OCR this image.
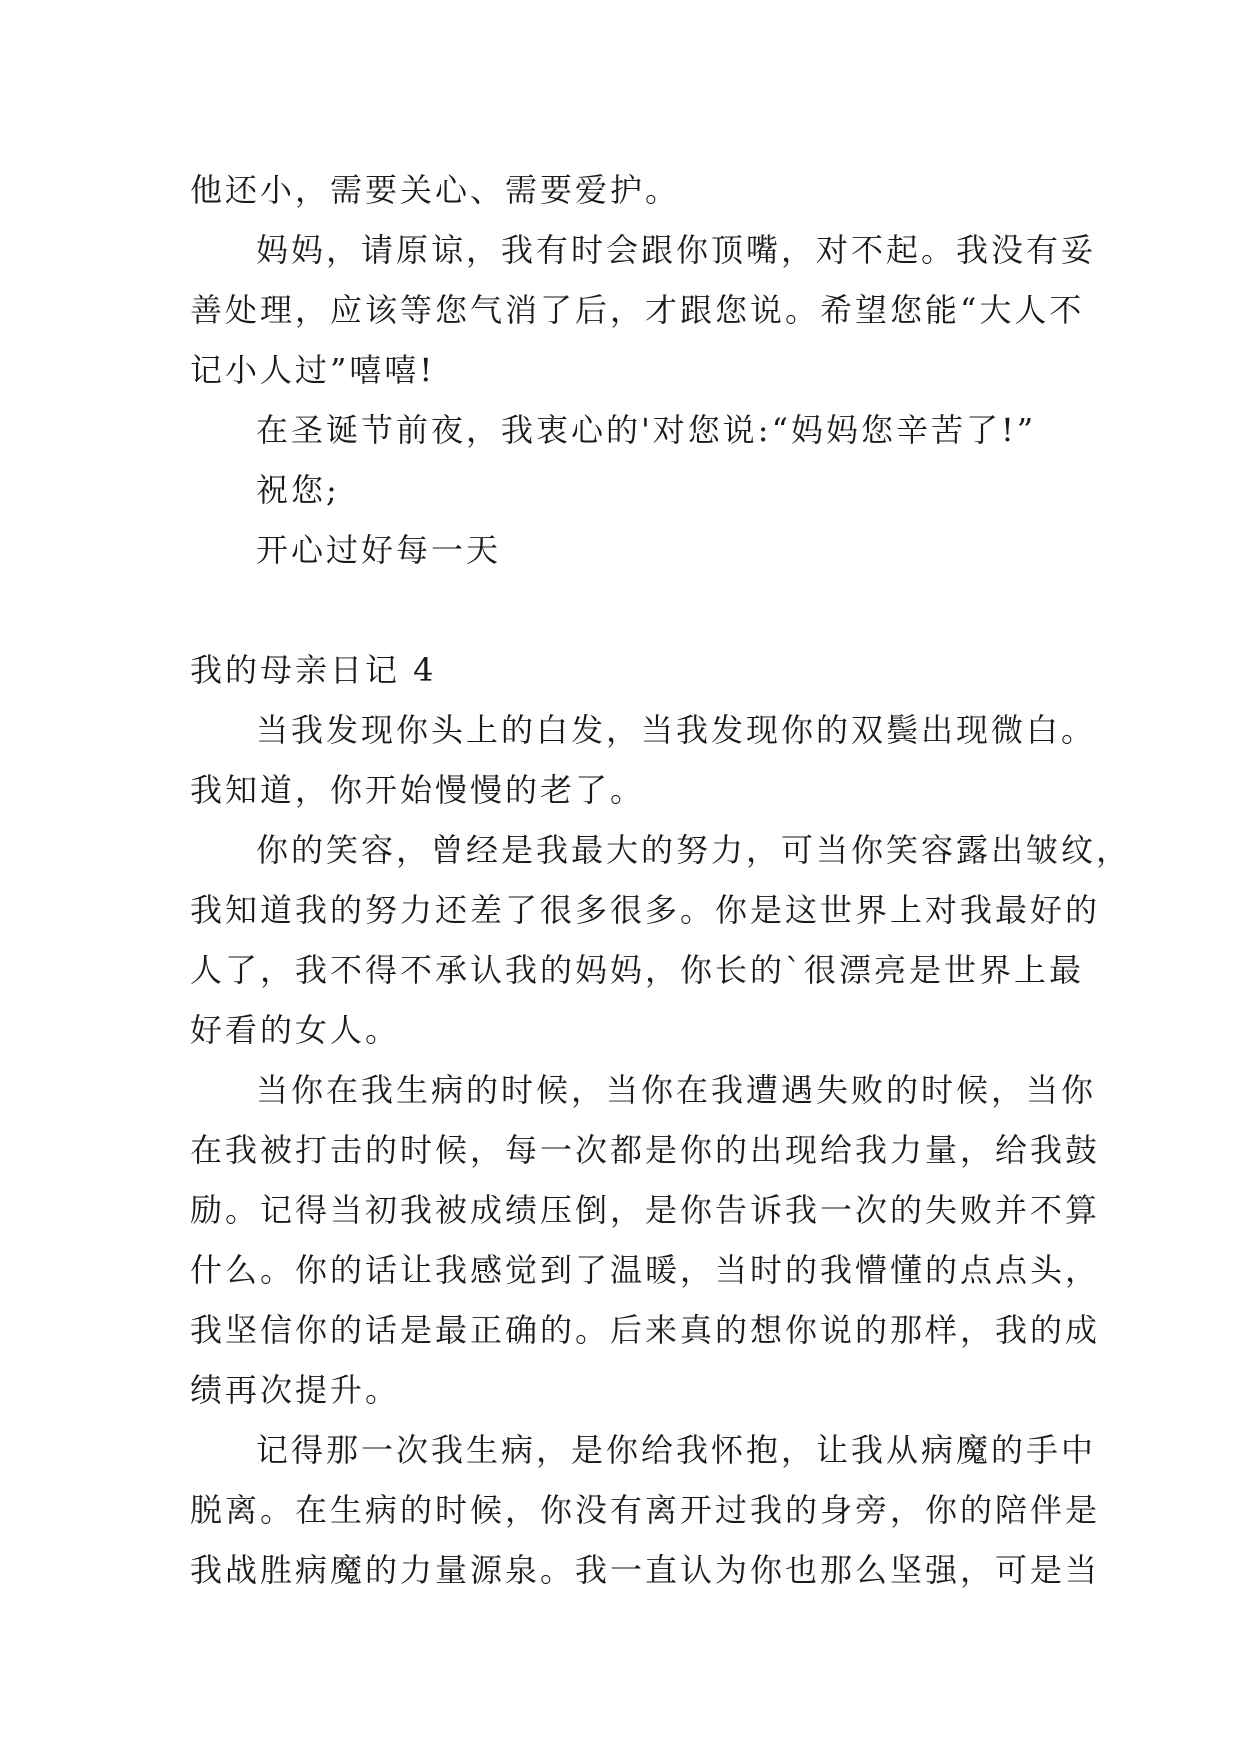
他还小，需要关心、需要爱护。
妈妈，请原谅，我有时会跟你顶嘴，对不起。我没有妥
善处理，应该等您气消了后，才跟您说。希望您能“大人不
记小人过”嘻嘻!
在圣诞节前夜，我衷心的'对您说:“妈妈您辛苦了!”
祝您;
开心过好每一天
我的母亲日记 4
当我发现你头上的白发，当我发现你的双鬓出现微白。
我知道，你开始慢慢的老了。
你的笑容，曾经是我最大的努力，可当你笑容露出皱纹，
我知道我的努力还差了很多很多。你是这世界上对我最好的
人了，我不得不承认我的妈妈，你长的`很漂亮是世界上最
好看的女人。
当你在我生病的时候，当你在我遭遇失败的时候，当你
在我被打击的时候，每一次都是你的出现给我力量，给我鼓
励。记得当初我被成绩压倒，是你告诉我一次的失败并不算
什么。你的话让我感觉到了温暖，当时的我懵懂的点点头，
我坚信你的话是最正确的。后来真的想你说的那样，我的成
绩再次提升。
记得那一次我生病，是你给我怀抱，让我从病魔的手中
脱离。在生病的时候，你没有离开过我的身旁，你的陪伴是
我战胜病魔的力量源泉。我一直认为你也那么坚强，可是当
